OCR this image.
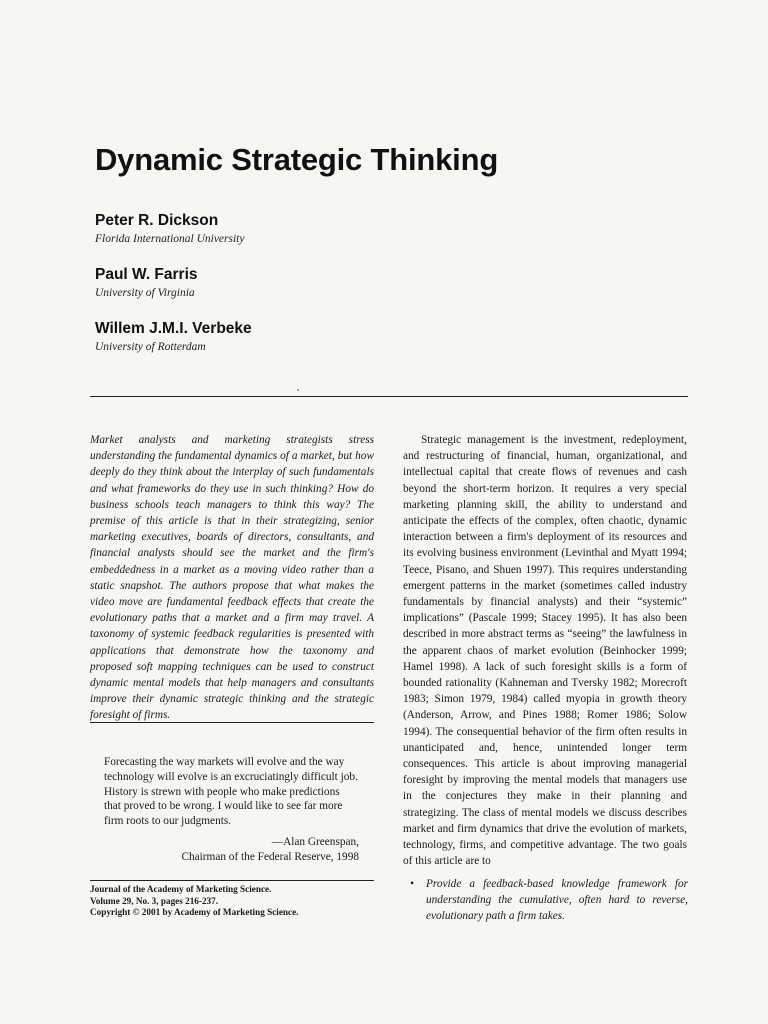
Dynamic Strategic Thinking
Peter R. Dickson
Florida International University
Paul W. Farris
University of Virginia
Willem J.M.I. Verbeke
University of Rotterdam

Market analysts and marketing strategists stress understanding the fundamental dynamics of a market, but how deeply do they think about the interplay of such fundamentals and what frameworks do they use in such thinking? How do business schools teach managers to think this way? The premise of this article is that in their strategizing, senior marketing executives, boards of directors, consultants, and financial analysts should see the market and the firm's embeddedness in a market as a moving video rather than a static snapshot. The authors propose that what makes the video move are fundamental feedback effects that create the evolutionary paths that a market and a firm may travel. A taxonomy of systemic feedback regularities is presented with applications that demonstrate how the taxonomy and proposed soft mapping techniques can be used to construct dynamic mental models that help managers and consultants improve their dynamic strategic thinking and the strategic foresight of firms.

Forecasting the way markets will evolve and the way technology will evolve is an excruciatingly difficult job. History is strewn with people who make predictions that proved to be wrong. I would like to see far more firm roots to our judgments.

—Alan Greenspan,
Chairman of the Federal Reserve, 1998
Journal of the Academy of Marketing Science.
Volume 29, No. 3, pages 216-237.
Copyright © 2001 by Academy of Marketing Science.

Strategic management is the investment, redeployment, and restructuring of financial, human, organizational, and intellectual capital that create flows of revenues and cash beyond the short-term horizon. It requires a very special marketing planning skill, the ability to understand and anticipate the effects of the complex, often chaotic, dynamic interaction between a firm's deployment of its resources and its evolving business environment (Levinthal and Myatt 1994; Teece, Pisano, and Shuen 1997). This requires understanding emergent patterns in the market (sometimes called industry fundamentals by financial analysts) and their “systemic” implications” (Pascale 1999; Stacey 1995). It has also been described in more abstract terms as “seeing” the lawfulness in the apparent chaos of market evolution (Beinhocker 1999; Hamel 1998). A lack of such foresight skills is a form of bounded rationality (Kahneman and Tversky 1982; Morecroft 1983; Simon 1979, 1984) called myopia in growth theory (Anderson, Arrow, and Pines 1988; Romer 1986; Solow 1994). The consequential behavior of the firm often results in unanticipated and, hence, unintended longer term consequences. This article is about improving managerial foresight by improving the mental models that managers use in the conjectures they make in their planning and strategizing. The class of mental models we discuss describes market and firm dynamics that drive the evolution of markets, technology, firms, and competitive advantage. The two goals of this article are to

•	Provide a feedback-based knowledge framework for understanding the cumulative, often hard to reverse, evolutionary path a firm takes.
